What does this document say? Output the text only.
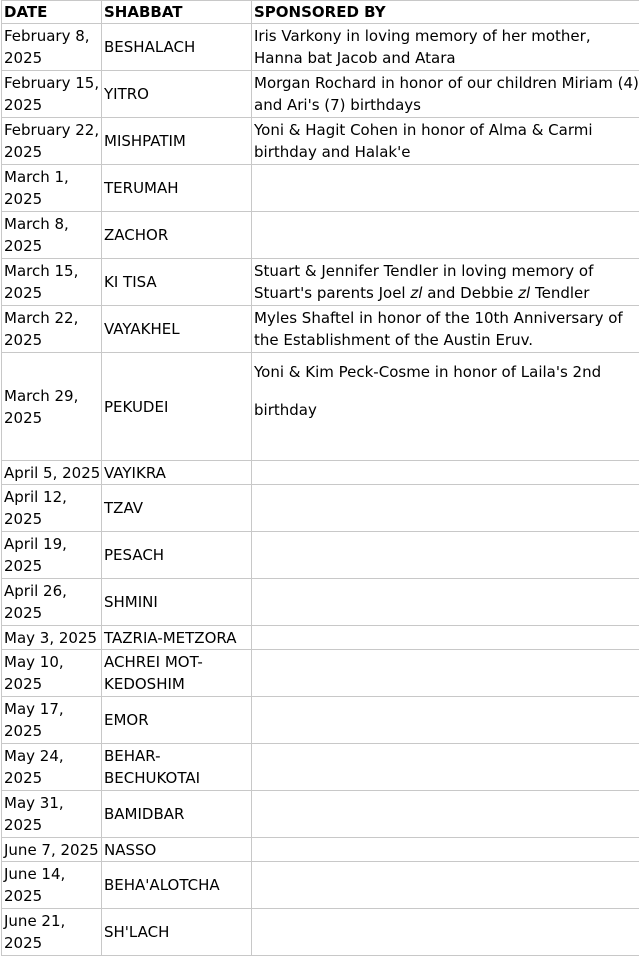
DATE	SHABBAT	SPONSORED BY
February 8, 2025	BESHALACH	Iris Varkony in loving memory of her mother, Hanna bat Jacob and Atara
February 15, 2025	YITRO	Morgan Rochard in honor of our children Miriam (4) and Ari's (7) birthdays
February 22, 2025	MISHPATIM	Yoni & Hagit Cohen in honor of Alma & Carmi birthday and Halak'e
March 1, 2025	TERUMAH	
March 8, 2025	ZACHOR	
March 15, 2025	KI TISA	Stuart & Jennifer Tendler in loving memory of Stuart's parents Joel zl and Debbie zl Tendler
March 22, 2025	VAYAKHEL	Myles Shaftel in honor of the 10th Anniversary of the Establishment of the Austin Eruv.
March 29, 2025	PEKUDEI	Yoni & Kim Peck-Cosme in honor of Laila's 2nd birthday

April 5, 2025	VAYIKRA	
April 12, 2025	TZAV	
April 19, 2025	PESACH	
April 26, 2025	SHMINI	
May 3, 2025	TAZRIA-METZORA	
May 10, 2025	ACHREI MOT-KEDOSHIM	
May 17, 2025	EMOR	
May 24, 2025	BEHAR-BECHUKOTAI	
May 31, 2025	BAMIDBAR	
June 7, 2025	NASSO	
June 14, 2025	BEHA'ALOTCHA	
June 21, 2025	SH'LACH	
